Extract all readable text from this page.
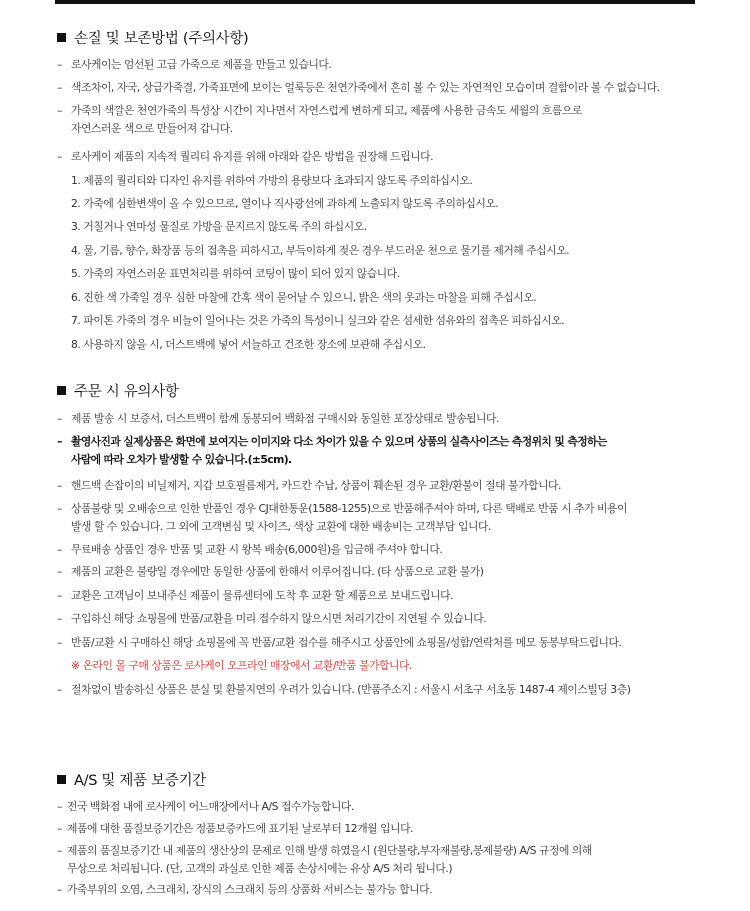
손질 및 보존방법 (주의사항)
– 로사케이는 엄선된 고급 가죽으로 제품을 만들고 있습니다.
– 색조차이, 자국, 상급가죽결, 가죽표면에 보이는 얼룩등은 천연가죽에서 흔히 볼 수 있는 자연적인 모습이며 결함이라 볼 수 없습니다.
– 가죽의 색깔은 천연가죽의 특성상 시간이 지나면서 자연스럽게 변하게 되고, 제품에 사용한 금속도 세월의 흐름으로
자연스러운 색으로 만들어져 갑니다.
– 로사케이 제품의 지속적 퀄리티 유지를 위해 아래와 같은 방법을 권장해 드립니다.
1. 제품의 퀄리티와 디자인 유지를 위하여 가방의 용량보다 초과되지 않도록 주의하십시오.
2. 가죽에 심한변색이 올 수 있으므로, 열이나 직사광선에 과하게 노출되지 않도록 주의하십시오.
3. 거칠거나 연마성 물질로 가방을 문지르지 않도록 주의 하십시오.
4. 물, 기름, 향수, 화장품 등의 접촉을 피하시고, 부득이하게 젖은 경우 부드러운 천으로 물기를 제거해 주십시오.
5. 가죽의 자연스러운 표면처리를 위하여 코팅이 많이 되어 있지 않습니다.
6. 진한 색 가죽일 경우 심한 마찰에 간혹 색이 묻어날 수 있으니, 밝은 색의 옷과는 마찰을 피해 주십시오.
7. 파이톤 가죽의 경우 비늘이 일어나는 것은 가죽의 특성이니 실크와 같은 섬세한 섬유와의 접촉은 피하십시오.
8. 사용하지 않을 시, 더스트백에 넣어 서늘하고 건조한 장소에 보관해 주십시오.
주문 시 유의사항
– 제품 발송 시 보증서, 더스트백이 함께 동봉되어 백화점 구매시와 동일한 포장상태로 발송됩니다.
– 촬영사진과 실제상품은 화면에 보여지는 이미지와 다소 차이가 있을 수 있으며 상품의 실측사이즈는 측정위치 및 측정하는
사람에 따라 오차가 발생할 수 있습니다.(±5cm).
– 핸드백 손잡이의 비닐제거, 지갑 보호필름제거, 카드칸 수납, 상품이 훼손된 경우 교환/환불이 절대 불가합니다.
– 상품불량 및 오배송으로 인한 반품인 경우 CJ대한통운(1588-1255)으로 반품해주셔야 하며, 다른 택배로 반품 시 추가 비용이
발생 할 수 있습니다. 그 외에 고객변심 및 사이즈, 색상 교환에 대한 배송비는 고객부담 입니다.
– 무료배송 상품인 경우 반품 및 교환 시 왕복 배송(6,000원)을 입금해 주셔야 합니다.
– 제품의 교환은 불량일 경우에만 동일한 상품에 한해서 이루어집니다. (타 상품으로 교환 불가)
– 교환은 고객님이 보내주신 제품이 물류센터에 도착 후 교환 할 제품으로 보내드립니다.
– 구입하신 해당 쇼핑몰에 반품/교환을 미리 접수하지 않으시면 처리기간이 지연될 수 있습니다.
– 반품/교환 시 구매하신 해당 쇼핑몰에 꼭 반품/교환 접수를 해주시고 상품안에 쇼핑몰/성함/연락처를 메모 동봉부탁드립니다.
※ 온라인 몰 구매 상품은 로사케이 오프라인 매장에서 교환/반품 불가합니다.
– 절차없이 발송하신 상품은 분실 및 환불지연의 우려가 있습니다. (반품주소지 : 서울시 서초구 서초동 1487-4 제이스빌딩 3층)
A/S 및 제품 보증기간
– 전국 백화점 내에 로사케이 어느매장에서나 A/S 접수가능합니다.
– 제품에 대한 품질보증기간은 정품보증카드에 표기된 날로부터 12개월 입니다.
– 제품의 품질보증기간 내 제품의 생산상의 문제로 인해 발생 하였을시 (원단불량,부자재불량,봉제불량) A/S 규정에 의해
무상으로 처리됩니다. (단, 고객의 과실로 인한 제품 손상시에는 유상 A/S 처리 됩니다.)
– 가죽부위의 오염, 스크래치, 장식의 스크래치 등의 상품화 서비스는 불가능 합니다.
